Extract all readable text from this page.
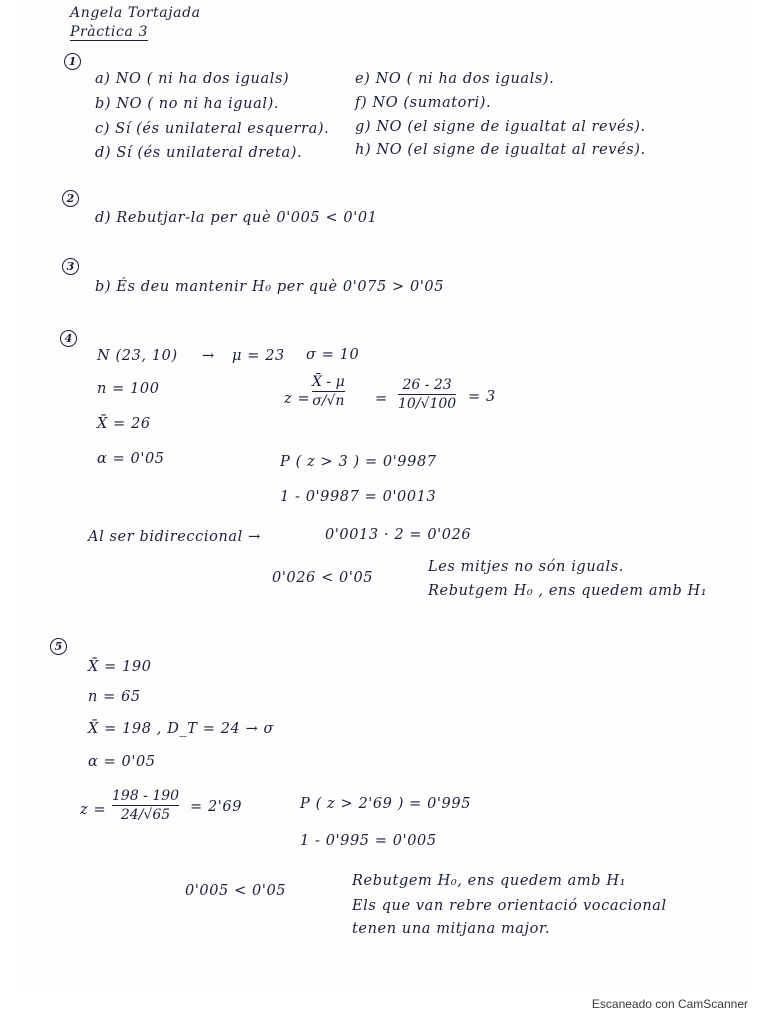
Angela Tortajada
Pràctica 3
1
a) NO ( ni ha dos iguals)
b) NO ( no ni ha igual).
c) Sí (és unilateral esquerra).
d) Sí (és unilateral dreta).
e) NO ( ni ha dos iguals).
f) NO (sumatori).
g) NO (el signe de igualtat al revés).
h) NO (el signe de igualtat al revés).
2
d) Rebutjar-la per què 0'005 < 0'01
3
b) És deu mantenir H₀ per què 0'075 > 0'05
4
N (23, 10) → μ = 23 σ = 10
n = 100
X̄ = 26
α = 0'05
z =
X̄ - μ
σ/√n =
26 - 23
10/√100 = 3
P ( z > 3 ) = 0'9987
1 - 0'9987 = 0'0013
Al ser bidireccional →	0'0013 · 2 = 0'026
0'026 < 0'05
Les mitjes no són iguals.
Rebutgem H₀ , ens quedem amb H₁
5
X̄ = 190
n = 65
X̄ = 198 , D_T = 24 → σ
α = 0'05
z =
198 - 190
24/√65
= 2'69	P ( z > 2'69 ) = 0'995
1 - 0'995 = 0'005
0'005 < 0'05
Rebutgem H₀, ens quedem amb H₁
Els que van rebre orientació vocacional
tenen una mitjana major.
Escaneado con CamScanner
